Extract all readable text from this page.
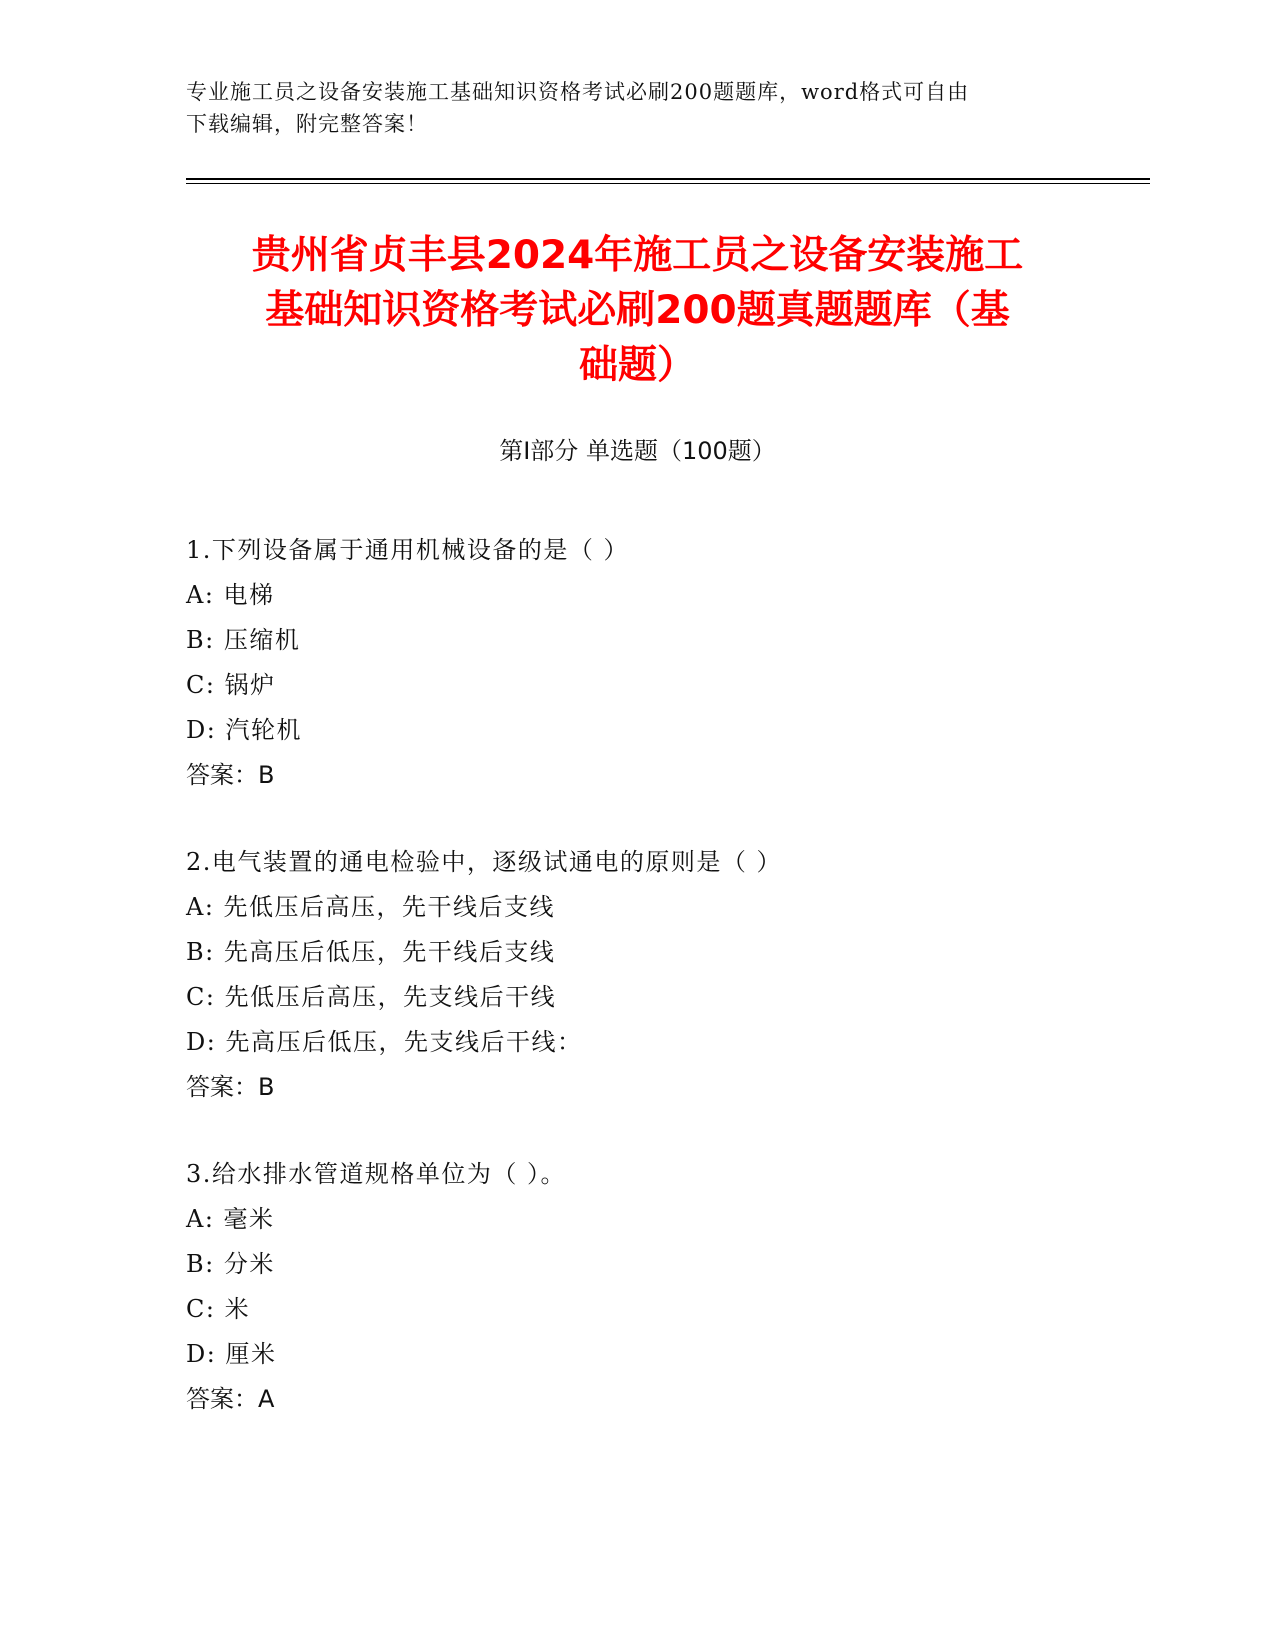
专业施工员之设备安装施工基础知识资格考试必刷200题题库，word格式可自由
下载编辑，附完整答案！
贵州省贞丰县2024年施工员之设备安装施工
基础知识资格考试必刷200题真题题库（基
础题）
第Ⅰ部分 单选题（100题）
1.下列设备属于通用机械设备的是（ ）
A: 电梯
B: 压缩机
C: 锅炉
D: 汽轮机
答案：B
2.电气装置的通电检验中，逐级试通电的原则是（ ）
A: 先低压后高压，先干线后支线
B: 先高压后低压，先干线后支线
C: 先低压后高压，先支线后干线
D: 先高压后低压，先支线后干线：
答案：B
3.给水排水管道规格单位为（ ）。
A: 毫米
B: 分米
C: 米
D: 厘米
答案：A
